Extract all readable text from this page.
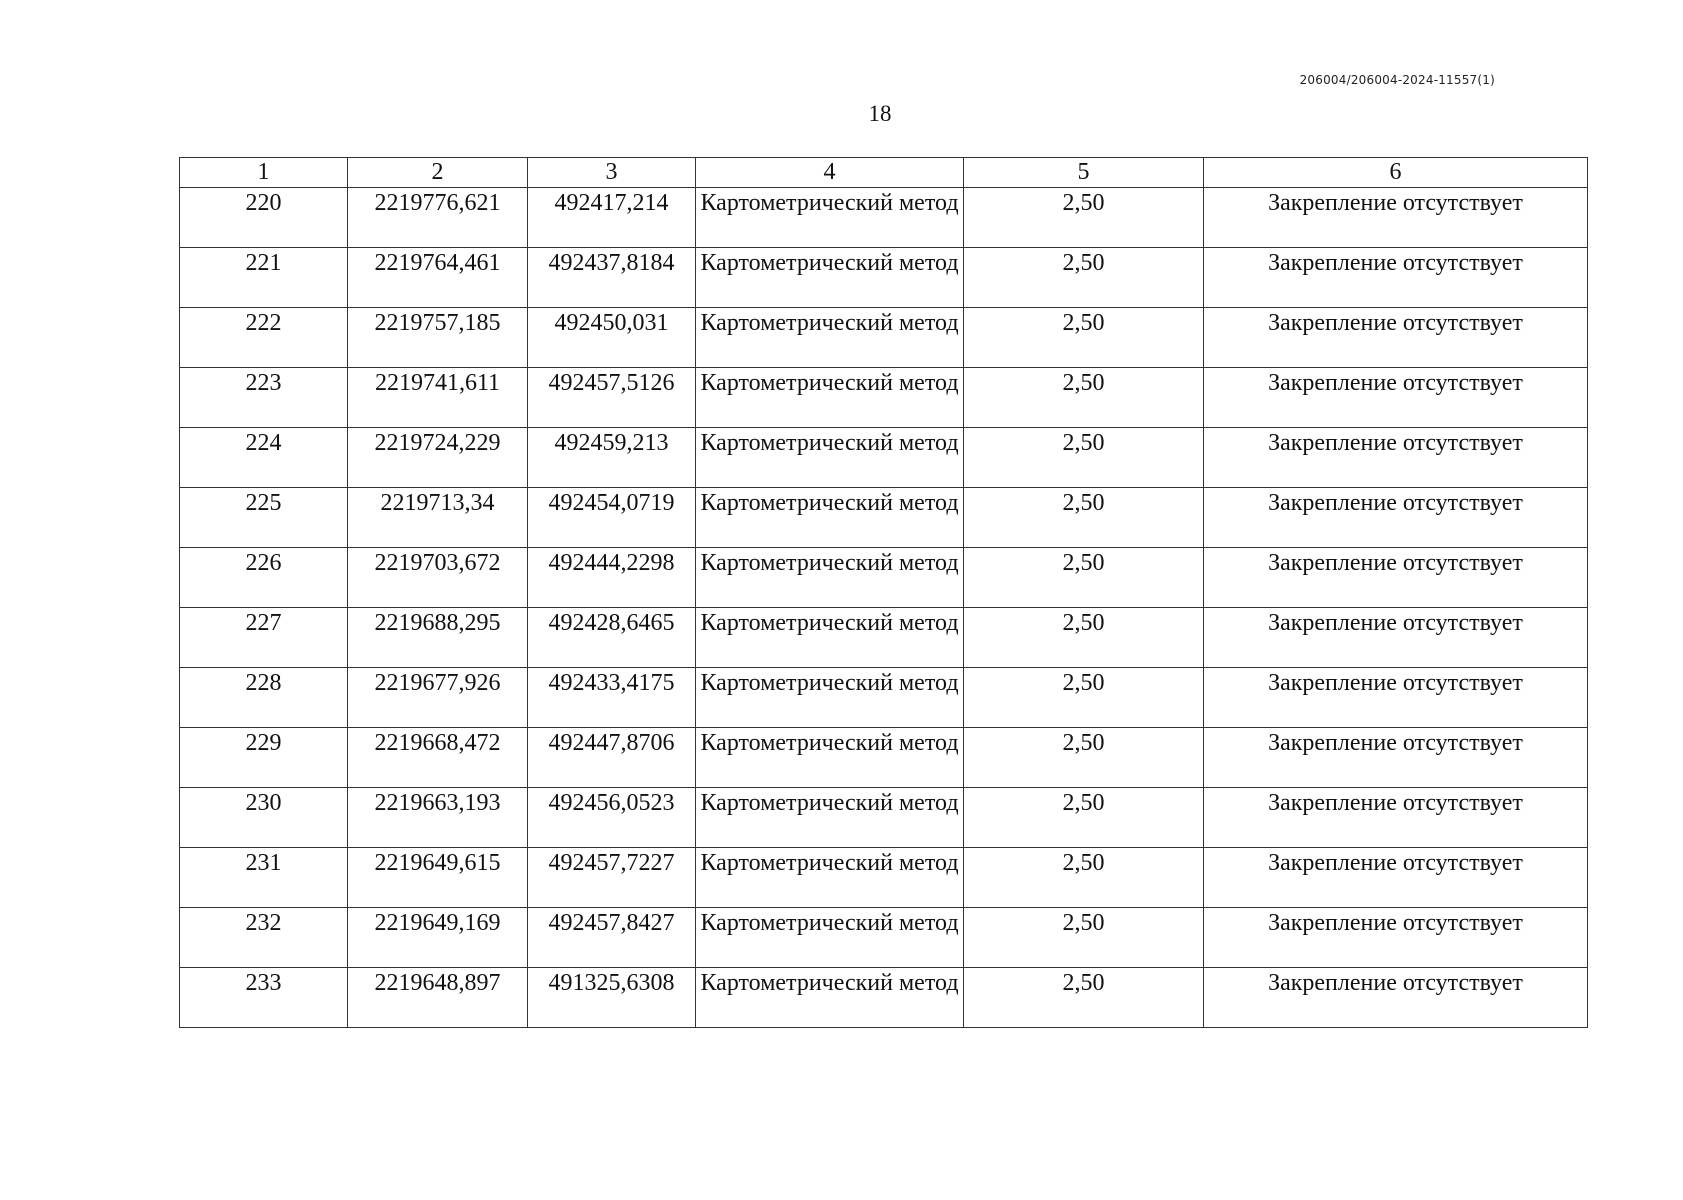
206004/206004-2024-11557(1)
18
1	2	3	4	5	6
220	2219776,621	492417,214	Картометрический метод	2,50	Закрепление отсутствует
221	2219764,461	492437,8184	Картометрический метод	2,50	Закрепление отсутствует
222	2219757,185	492450,031	Картометрический метод	2,50	Закрепление отсутствует
223	2219741,611	492457,5126	Картометрический метод	2,50	Закрепление отсутствует
224	2219724,229	492459,213	Картометрический метод	2,50	Закрепление отсутствует
225	2219713,34	492454,0719	Картометрический метод	2,50	Закрепление отсутствует
226	2219703,672	492444,2298	Картометрический метод	2,50	Закрепление отсутствует
227	2219688,295	492428,6465	Картометрический метод	2,50	Закрепление отсутствует
228	2219677,926	492433,4175	Картометрический метод	2,50	Закрепление отсутствует
229	2219668,472	492447,8706	Картометрический метод	2,50	Закрепление отсутствует
230	2219663,193	492456,0523	Картометрический метод	2,50	Закрепление отсутствует
231	2219649,615	492457,7227	Картометрический метод	2,50	Закрепление отсутствует
232	2219649,169	492457,8427	Картометрический метод	2,50	Закрепление отсутствует
233	2219648,897	491325,6308	Картометрический метод	2,50	Закрепление отсутствует
